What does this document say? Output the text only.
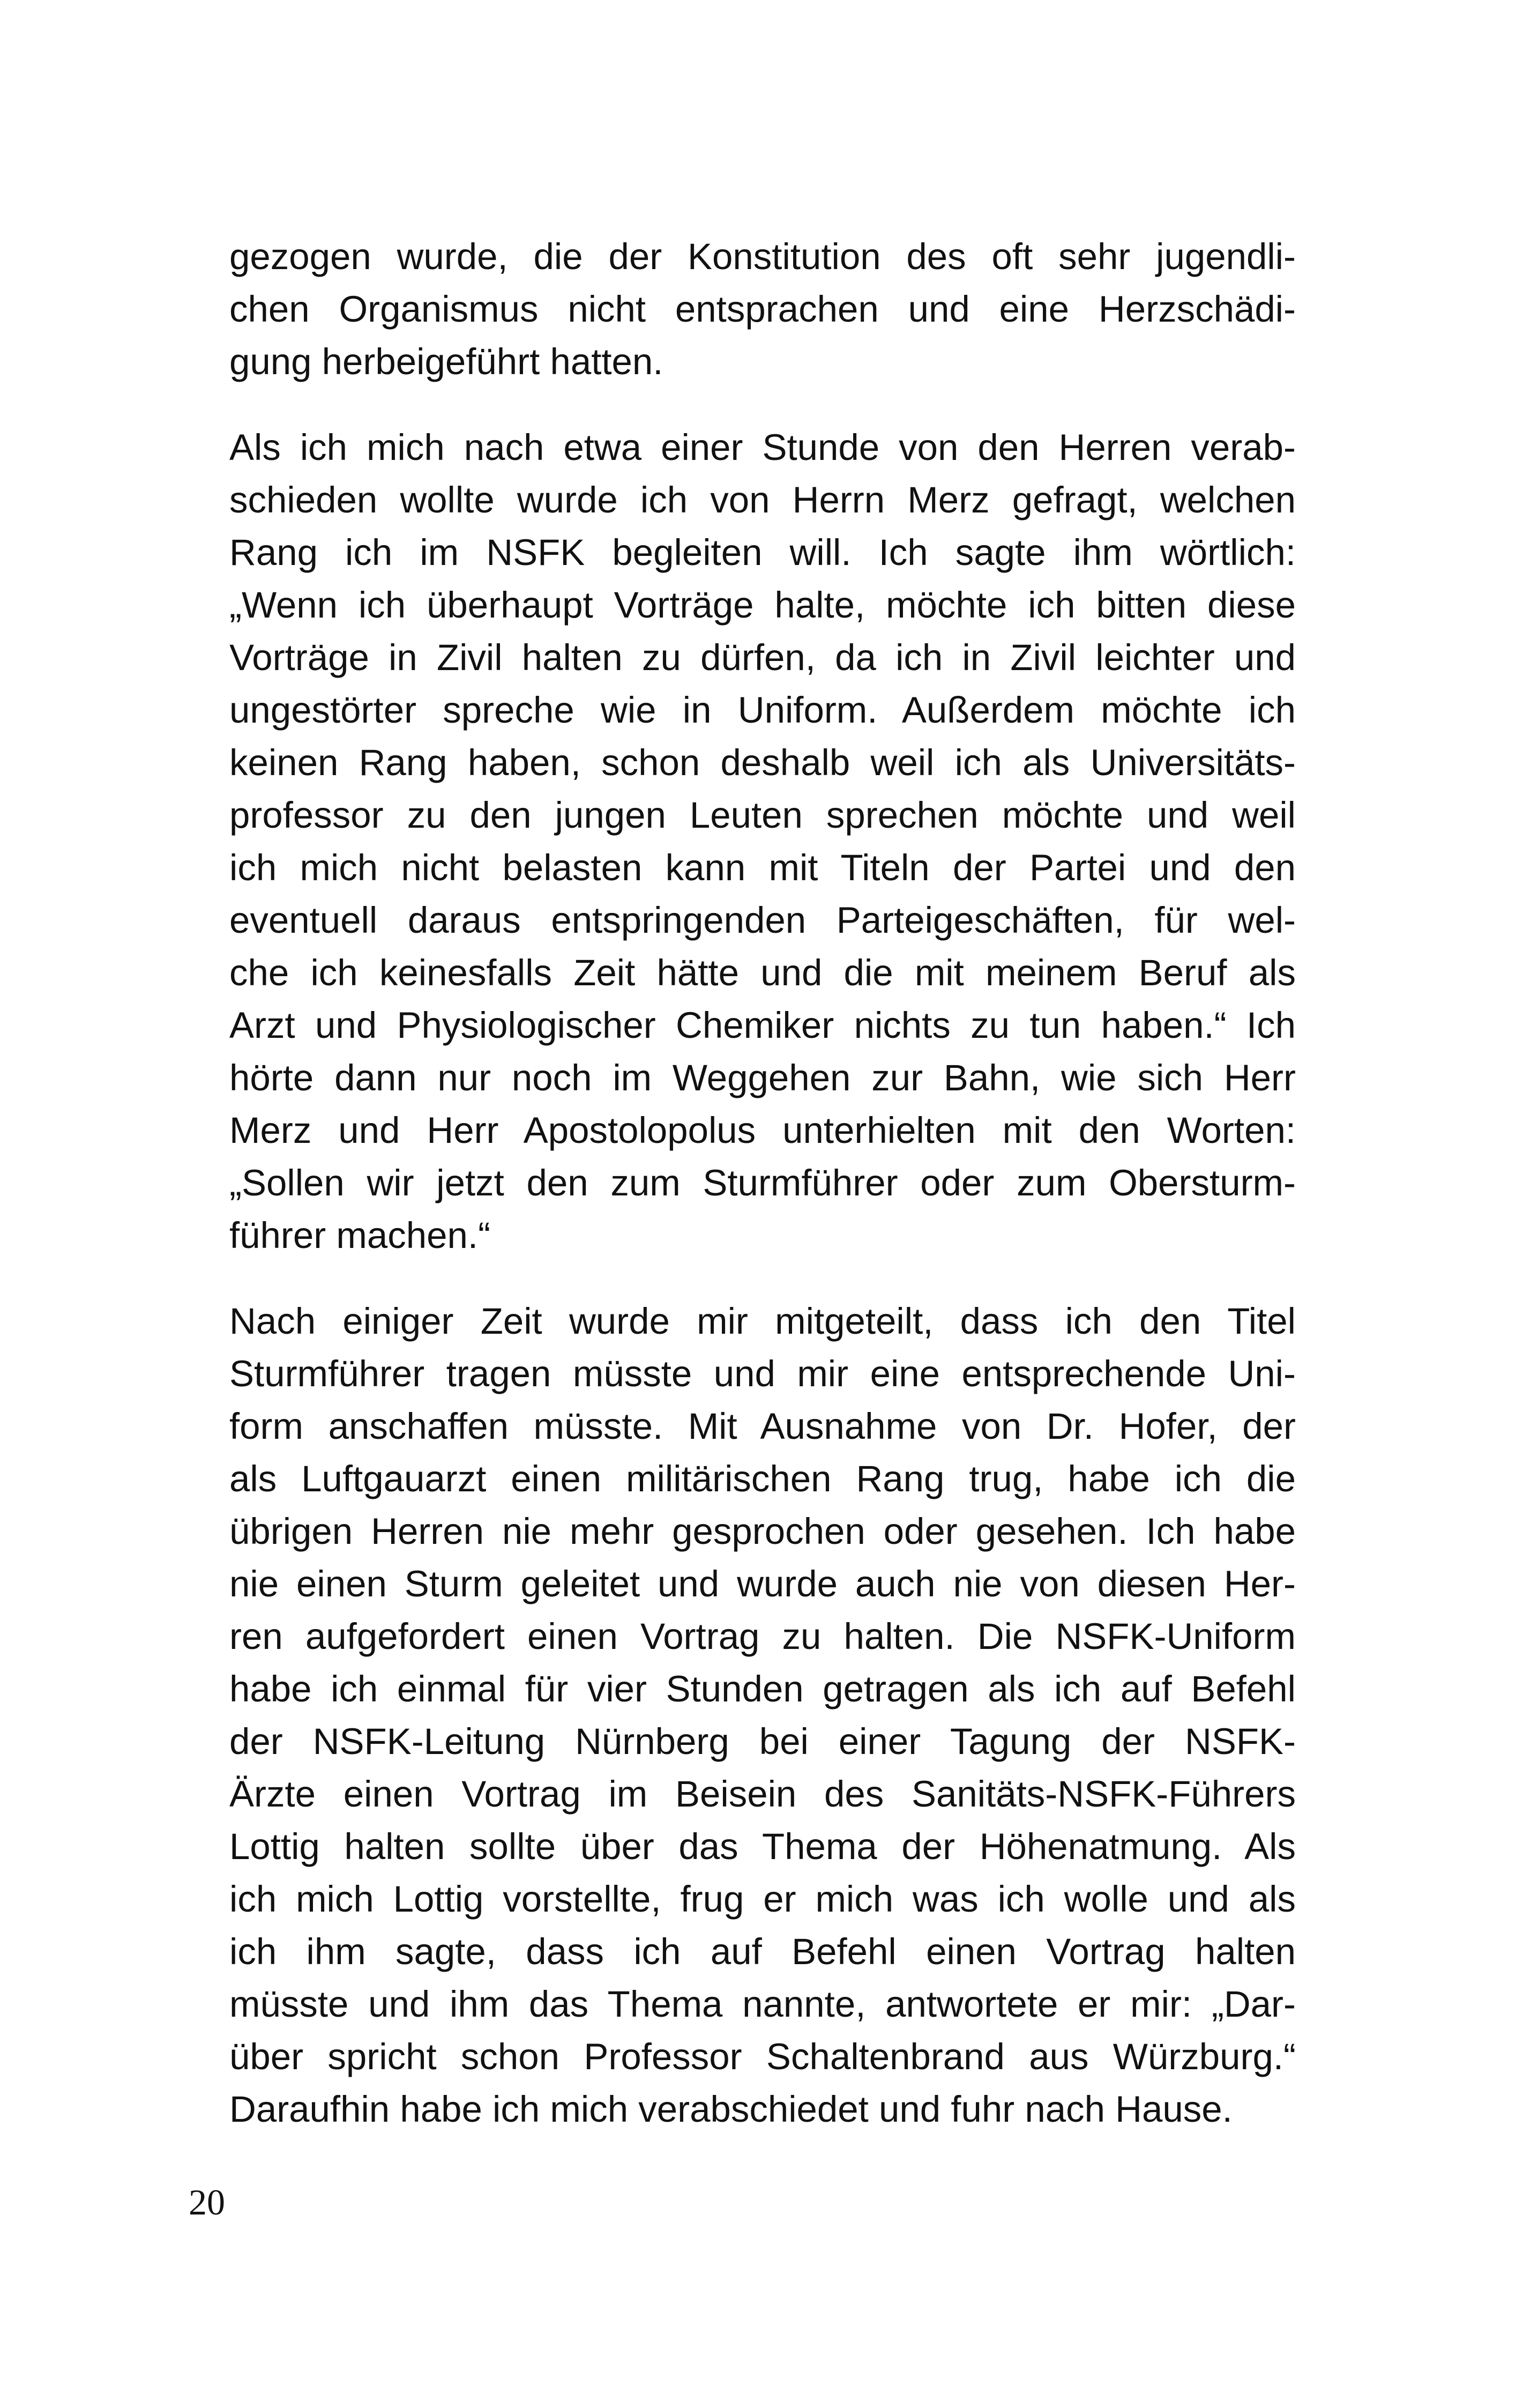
gezogen wurde, die der Konstitution des oft sehr jugendli-
chen Organismus nicht entsprachen und eine Herzschädi-
gung herbeigeführt hatten.
Als ich mich nach etwa einer Stunde von den Herren verab-
schieden wollte wurde ich von Herrn Merz gefragt, welchen
Rang ich im NSFK begleiten will. Ich sagte ihm wörtlich:
„Wenn ich überhaupt Vorträge halte, möchte ich bitten diese
Vorträge in Zivil halten zu dürfen, da ich in Zivil leichter und
ungestörter spreche wie in Uniform. Außerdem möchte ich
keinen Rang haben, schon deshalb weil ich als Universitäts-
professor zu den jungen Leuten sprechen möchte und weil
ich mich nicht belasten kann mit Titeln der Partei und den
eventuell daraus entspringenden Parteigeschäften, für wel-
che ich keinesfalls Zeit hätte und die mit meinem Beruf als
Arzt und Physiologischer Chemiker nichts zu tun haben.“ Ich
hörte dann nur noch im Weggehen zur Bahn, wie sich Herr
Merz und Herr Apostolopolus unterhielten mit den Worten:
„Sollen wir jetzt den zum Sturmführer oder zum Obersturm-
führer machen.“
Nach einiger Zeit wurde mir mitgeteilt, dass ich den Titel
Sturmführer tragen müsste und mir eine entsprechende Uni-
form anschaffen müsste. Mit Ausnahme von Dr. Hofer, der
als Luftgauarzt einen militärischen Rang trug, habe ich die
übrigen Herren nie mehr gesprochen oder gesehen. Ich habe
nie einen Sturm geleitet und wurde auch nie von diesen Her-
ren aufgefordert einen Vortrag zu halten. Die NSFK-Uniform
habe ich einmal für vier Stunden getragen als ich auf Befehl
der NSFK-Leitung Nürnberg bei einer Tagung der NSFK-
Ärzte einen Vortrag im Beisein des Sanitäts-NSFK-Führers
Lottig halten sollte über das Thema der Höhenatmung. Als
ich mich Lottig vorstellte, frug er mich was ich wolle und als
ich ihm sagte, dass ich auf Befehl einen Vortrag halten
müsste und ihm das Thema nannte, antwortete er mir: „Dar-
über spricht schon Professor Schaltenbrand aus Würzburg.“
Daraufhin habe ich mich verabschiedet und fuhr nach Hause.
20
